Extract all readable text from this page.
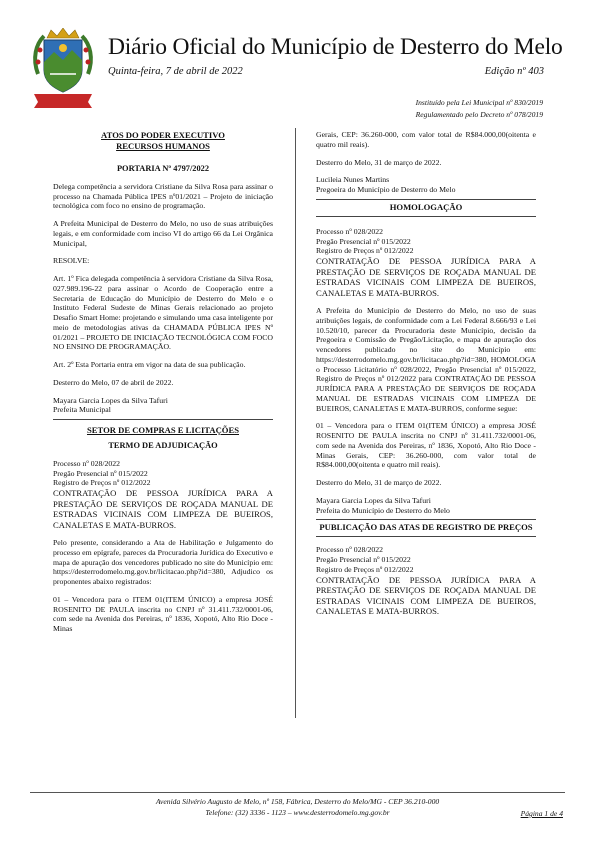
Diário Oficial do Município de Desterro do Melo
Quinta-feira, 7 de abril de 2022	Edição nº 403
Instituído pela Lei Municipal nº 830/2019
Regulamentado pelo Decreto nº 078/2019
ATOS DO PODER EXECUTIVO
RECURSOS HUMANOS
PORTARIA Nº 4797/2022
Delega competência a servidora Cristiane da Silva Rosa para assinar o processo na Chamada Pública IPES nº01/2021 – Projeto de iniciação tecnológica com foco no ensino de programação.
A Prefeita Municipal de Desterro do Melo, no uso de suas atribuições legais, e em conformidade com inciso VI do artigo 66 da Lei Orgânica Municipal,
RESOLVE:
Art. 1º Fica delegada competência à servidora Cristiane da Silva Rosa, 027.989.196-22 para assinar o Acordo de Cooperação entre a Secretaria de Educação do Município de Desterro do Melo e o Instituto Federal Sudeste de Minas Gerais relacionado ao projeto Desafio Smart Home: projetando e simulando uma casa inteligente por meio de metodologias ativas da CHAMADA PÚBLICA IPES Nº 01/2021 – PROJETO DE INICIAÇÃO TECNOLÓGICA COM FOCO NO ENSINO DE PROGRAMAÇÃO.
Art. 2º Esta Portaria entra em vigor na data de sua publicação.
Desterro do Melo, 07 de abril de 2022.
Mayara Garcia Lopes da Silva Tafuri
Prefeita Municipal
SETOR DE COMPRAS E LICITAÇÕES
TERMO DE ADJUDICAÇÃO
Processo nº 028/2022
Pregão Presencial nº 015/2022
Registro de Preços nº 012/2022
CONTRATAÇÃO DE PESSOA JURÍDICA PARA A PRESTAÇÃO DE SERVIÇOS DE ROÇADA MANUAL DE ESTRADAS VICINAIS COM LIMPEZA DE BUEIROS, CANALETAS E MATA-BURROS.
Pelo presente, considerando a Ata de Habilitação e Julgamento do processo em epígrafe, pareces da Procuradoria Jurídica do Executivo e mapa de apuração dos vencedores publicado no site do Município em: https://desterrodomelo.mg.gov.br/licitacao.php?id=380, Adjudico os proponentes abaixo registrados:
01 – Vencedora para o ITEM 01(ITEM ÚNICO) a empresa JOSÉ ROSENITO DE PAULA inscrita no CNPJ nº 31.411.732/0001-06, com sede na Avenida dos Pereiras, nº 1836, Xopotó, Alto Rio Doce - Minas
Gerais, CEP: 36.260-000, com valor total de R$84.000,00(oitenta e quatro mil reais).
Desterro do Melo, 31 de março de 2022.
Lucileia Nunes Martins
Pregoeira do Município de Desterro do Melo
HOMOLOGAÇÃO
Processo nº 028/2022
Pregão Presencial nº 015/2022
Registro de Preços nº 012/2022
CONTRATAÇÃO DE PESSOA JURÍDICA PARA A PRESTAÇÃO DE SERVIÇOS DE ROÇADA MANUAL DE ESTRADAS VICINAIS COM LIMPEZA DE BUEIROS, CANALETAS E MATA-BURROS.
A Prefeita do Município de Desterro do Melo, no uso de suas atribuições legais, de conformidade com a Lei Federal 8.666/93 e Lei 10.520/10, parecer da Procuradoria deste Município, decisão da Pregoeira e Comissão de Pregão/Licitação, e mapa de apuração dos vencedores publicado no site do Município em: https://desterrodomelo.mg.gov.br/licitacao.php?id=380, HOMOLOGA o Processo Licitatório nº 028/2022, Pregão Presencial nº 015/2022, Registro de Preços nº 012/2022 para CONTRATAÇÃO DE PESSOA JURÍDICA PARA A PRESTAÇÃO DE SERVIÇOS DE ROÇADA MANUAL DE ESTRADAS VICINAIS COM LIMPEZA DE BUEIROS, CANALETAS E MATA-BURROS, conforme segue:
01 – Vencedora para o ITEM 01(ITEM ÚNICO) a empresa JOSÉ ROSENITO DE PAULA inscrita no CNPJ nº 31.411.732/0001-06, com sede na Avenida dos Pereiras, nº 1836, Xopotó, Alto Rio Doce - Minas Gerais, CEP: 36.260-000, com valor total de R$84.000,00(oitenta e quatro mil reais).
Desterro do Melo, 31 de março de 2022.
Mayara Garcia Lopes da Silva Tafuri
Prefeita do Município de Desterro do Melo
PUBLICAÇÃO DAS ATAS DE REGISTRO DE PREÇOS
Processo nº 028/2022
Pregão Presencial nº 015/2022
Registro de Preços nº 012/2022
CONTRATAÇÃO DE PESSOA JURÍDICA PARA A PRESTAÇÃO DE SERVIÇOS DE ROÇADA MANUAL DE ESTRADAS VICINAIS COM LIMPEZA DE BUEIROS, CANALETAS E MATA-BURROS.
Avenida Silvério Augusto de Melo, nº 158, Fábrica, Desterro do Melo/MG - CEP 36.210-000
Telefone: (32) 3336 - 1123 – www.desterrodomelo.mg.gov.br	Página 1 de 4
